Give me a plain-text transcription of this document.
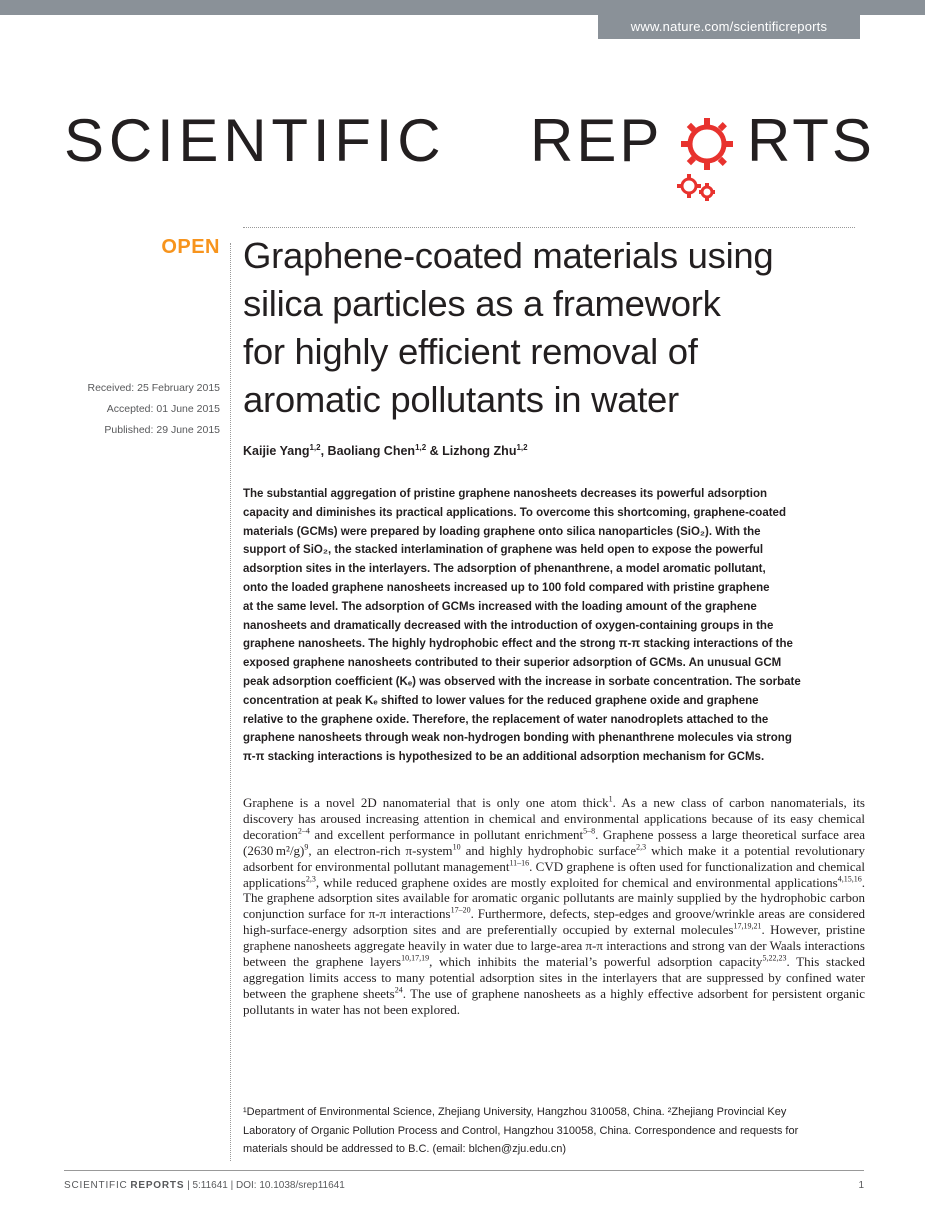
www.nature.com/scientificreports
SCIENTIFIC REP RTS
OPEN
Received: 25 February 2015
Accepted: 01 June 2015
Published: 29 June 2015
Graphene-coated materials using
silica particles as a framework
for highly efficient removal of
aromatic pollutants in water
Kaijie Yang$^{1,2}$, Baoliang Chen$^{1,2}$ & Lizhong Zhu$^{1,2}$
The substantial aggregation of pristine graphene nanosheets decreases its powerful adsorption
capacity and diminishes its practical applications. To overcome this shortcoming, graphene-coated
materials (GCMs) were prepared by loading graphene onto silica nanoparticles (SiO₂). With the
support of SiO₂, the stacked interlamination of graphene was held open to expose the powerful
adsorption sites in the interlayers. The adsorption of phenanthrene, a model aromatic pollutant,
onto the loaded graphene nanosheets increased up to 100 fold compared with pristine graphene
at the same level. The adsorption of GCMs increased with the loading amount of the graphene
nanosheets and dramatically decreased with the introduction of oxygen-containing groups in the
graphene nanosheets. The highly hydrophobic effect and the strong π-π stacking interactions of the
exposed graphene nanosheets contributed to their superior adsorption of GCMs. An unusual GCM
peak adsorption coefficient (Kₑ) was observed with the increase in sorbate concentration. The sorbate
concentration at peak Kₑ shifted to lower values for the reduced graphene oxide and graphene
relative to the graphene oxide. Therefore, the replacement of water nanodroplets attached to the
graphene nanosheets through weak non-hydrogen bonding with phenanthrene molecules via strong
π-π stacking interactions is hypothesized to be an additional adsorption mechanism for GCMs.
Graphene is a novel 2D nanomaterial that is only one atom thick$^1$. As a new class of carbon nanomaterials, its discovery has aroused increasing attention in chemical and environmental applications because of its easy chemical decoration$^{2-4}$ and excellent performance in pollutant enrichment$^{5-8}$. Graphene possess a large theoretical surface area (2630 m²/g)$^9$, an electron-rich π-system$^{10}$ and highly hydrophobic surface$^{2,3}$ which make it a potential revolutionary adsorbent for environmental pollutant management$^{11-16}$. CVD graphene is often used for functionalization and chemical applications$^{2,3}$, while reduced graphene oxides are mostly exploited for chemical and environmental applications$^{4,15,16}$. The graphene adsorption sites available for aromatic organic pollutants are mainly supplied by the hydrophobic carbon conjunction surface for π-π interactions$^{17-20}$. Furthermore, defects, step-edges and groove/wrinkle areas are considered high-surface-energy adsorption sites and are preferentially occupied by external molecules$^{17,19,21}$. However, pristine graphene nanosheets aggregate heavily in water due to large-area π-π interactions and strong van der Waals interactions between the graphene layers$^{10,17,19}$, which inhibits the material’s powerful adsorption capacity$^{5,22,23}$. This stacked aggregation limits access to many potential adsorption sites in the interlayers that are suppressed by confined water between the graphene sheets$^{24}$. The use of graphene nanosheets as a highly effective adsorbent for persistent organic pollutants in water has not been explored.
¹Department of Environmental Science, Zhejiang University, Hangzhou 310058, China. ²Zhejiang Provincial Key
Laboratory of Organic Pollution Process and Control, Hangzhou 310058, China. Correspondence and requests for
materials should be addressed to B.C. (email: blchen@zju.edu.cn)
SCIENTIFIC REPORTS | 5:11641 | DOI: 10.1038/srep11641	1
